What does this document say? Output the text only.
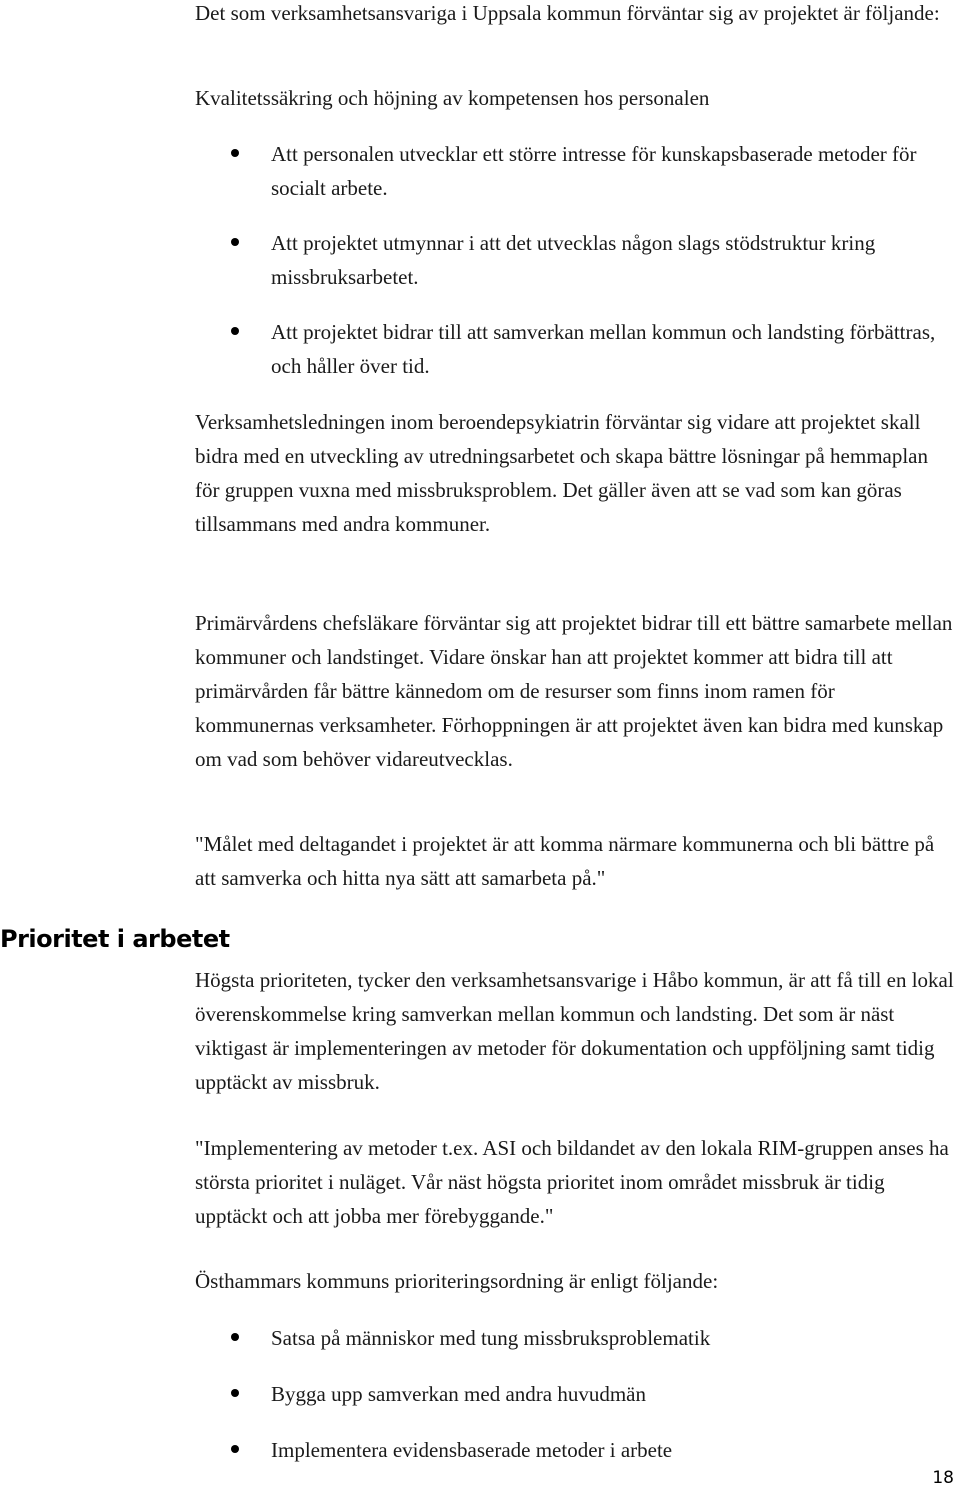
Det som verksamhetsansvariga i Uppsala kommun förväntar sig av projektet är följande:

Kvalitetssäkring och höjning av kompetensen hos personalen

Att personalen utvecklar ett större intresse för kunskapsbaserade metoder för socialt arbete.
Att projektet utmynnar i att det utvecklas någon slags stödstruktur kring missbruksarbetet.
Att projektet bidrar till att samverkan mellan kommun och landsting förbättras, och håller över tid.

Verksamhetsledningen inom beroendepsykiatrin förväntar sig vidare att projektet skall bidra med en utveckling av utredningsarbetet och skapa bättre lösningar på hemmaplan för gruppen vuxna med missbruksproblem. Det gäller även att se vad som kan göras tillsammans med andra kommuner.

Primärvårdens chefsläkare förväntar sig att projektet bidrar till ett bättre samarbete mellan kommuner och landstinget. Vidare önskar han att projektet kommer att bidra till att primärvården får bättre kännedom om de resurser som finns inom ramen för kommunernas verksamheter. Förhoppningen är att projektet även kan bidra med kunskap om vad som behöver vidareutvecklas.

"Målet med deltagandet i projektet är att komma närmare kommunerna och bli bättre på att samverka och hitta nya sätt att samarbeta på."

Prioritet i arbetet

Högsta prioriteten, tycker den verksamhetsansvarige i Håbo kommun, är att få till en lokal överenskommelse kring samverkan mellan kommun och landsting. Det som är näst viktigast är implementeringen av metoder för dokumentation och uppföljning samt tidig upptäckt av missbruk.

"Implementering av metoder t.ex. ASI och bildandet av den lokala RIM-gruppen anses ha största prioritet i nuläget. Vår näst högsta prioritet inom området missbruk är tidig upptäckt och att jobba mer förebyggande."

Östhammars kommuns prioriteringsordning är enligt följande:

Satsa på människor med tung missbruksproblematik
Bygga upp samverkan med andra huvudmän
Implementera evidensbaserade metoder i arbete
18
